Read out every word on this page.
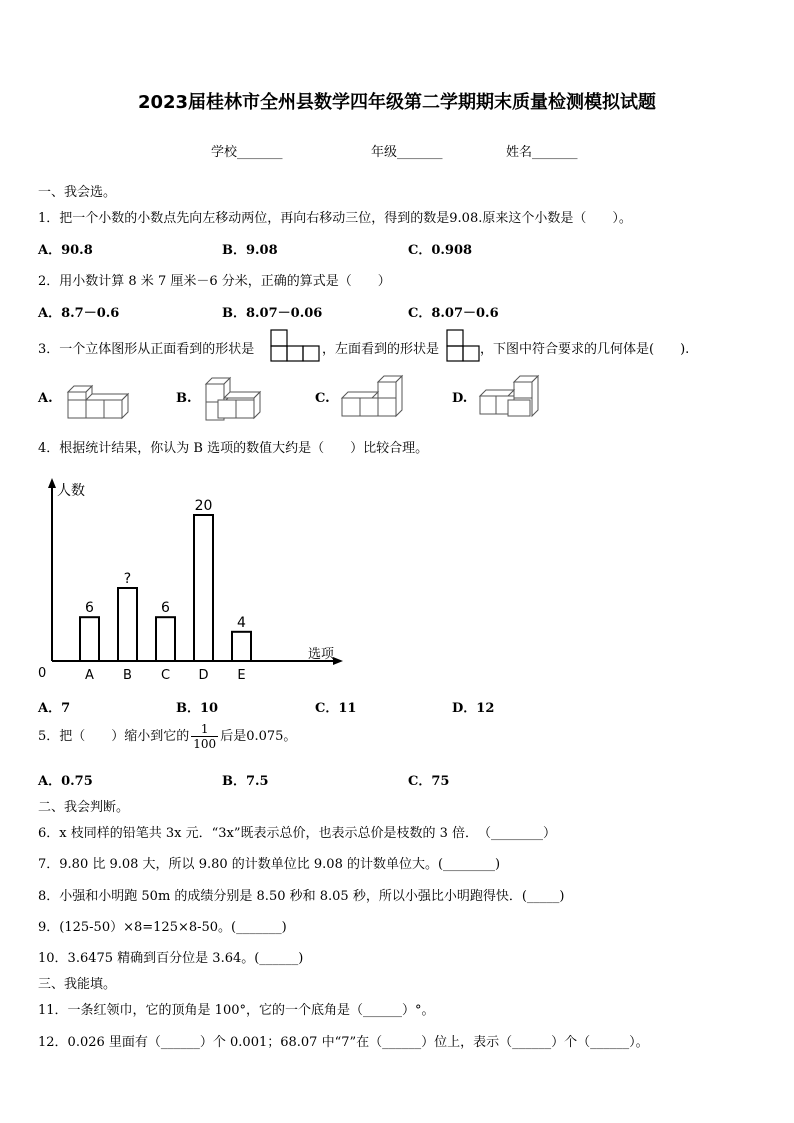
2023届桂林市全州县数学四年级第二学期期末质量检测模拟试题
学校_______	年级_______	姓名_______
一、我会选。
1．把一个小数的小数点先向左移动两位，再向右移动三位，得到的数是9.08.原来这个小数是（　　）。
A．90.8	B．9.08	C．0.908
2．用小数计算 8 米 7 厘米－6 分米，正确的算式是（　　）
A．8.7－0.6	B．8.07－0.06	C．8.07－0.6
3．一个立体图形从正面看到的形状是	，左面看到的形状是	，下图中符合要求的几何体是(　　).
A.	B.	C.	D.
4．根据统计结果，你认为 B 选项的数值大约是（　　）比较合理。
人数
选项
0
6
A
?
B
6
C
20
D
4
E
A．7	B．10	C．11	D．12
5．把（　　）缩小到它的 $\frac{1}{100}$ 后是0.075。
A．0.75	B．7.5	C．75
二、我会判断。
6．x 枝同样的铅笔共 3x 元．“3x”既表示总价，也表示总价是枝数的 3 倍．　（________）
7．9.80 比 9.08 大，所以 9.80 的计数单位比 9.08 的计数单位大。(________)
8．小强和小明跑 50m 的成绩分别是 8.50 秒和 8.05 秒，所以小强比小明跑得快．(_____)
9．(125-50）×8=125×8-50。(_______)
10．3.6475 精确到百分位是 3.64。(______)
三、我能填。
11．一条红领巾，它的顶角是 100°，它的一个底角是（______）°。
12．0.026 里面有（______）个 0.001；68.07 中“7”在（______）位上，表示（______）个（______）。
